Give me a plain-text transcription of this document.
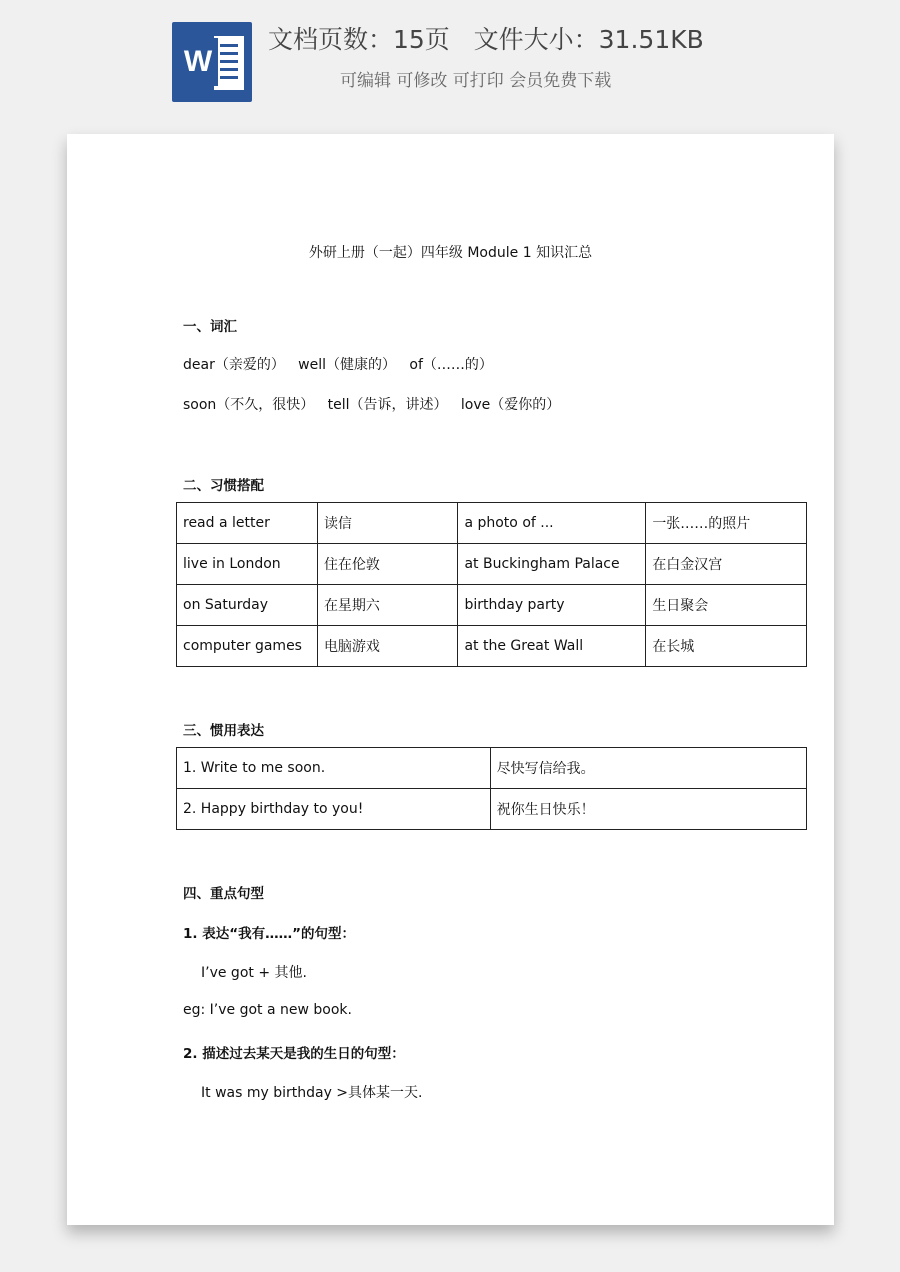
W
文档页数：15页   文件大小：31.51KB
可编辑 可修改 可打印 会员免费下载
外研上册（一起）四年级 Module 1 知识汇总
一、词汇
dear（亲爱的）   well（健康的）   of（……的）
soon（不久，很快）   tell（告诉，讲述）   love（爱你的）
二、习惯搭配
read a letter	读信	a photo of ...	一张……的照片
live in London	住在伦敦	at Buckingham Palace	在白金汉宫
on Saturday	在星期六	birthday party	生日聚会
computer games	电脑游戏	at the Great Wall	在长城
三、惯用表达
1. Write to me soon.	尽快写信给我。
2. Happy birthday to you!	祝你生日快乐！
四、重点句型
1. 表达“我有……”的句型：
I’ve got + 其他.
eg: I’ve got a new book.
2. 描述过去某天是我的生日的句型：
It was my birthday >具体某一天.
